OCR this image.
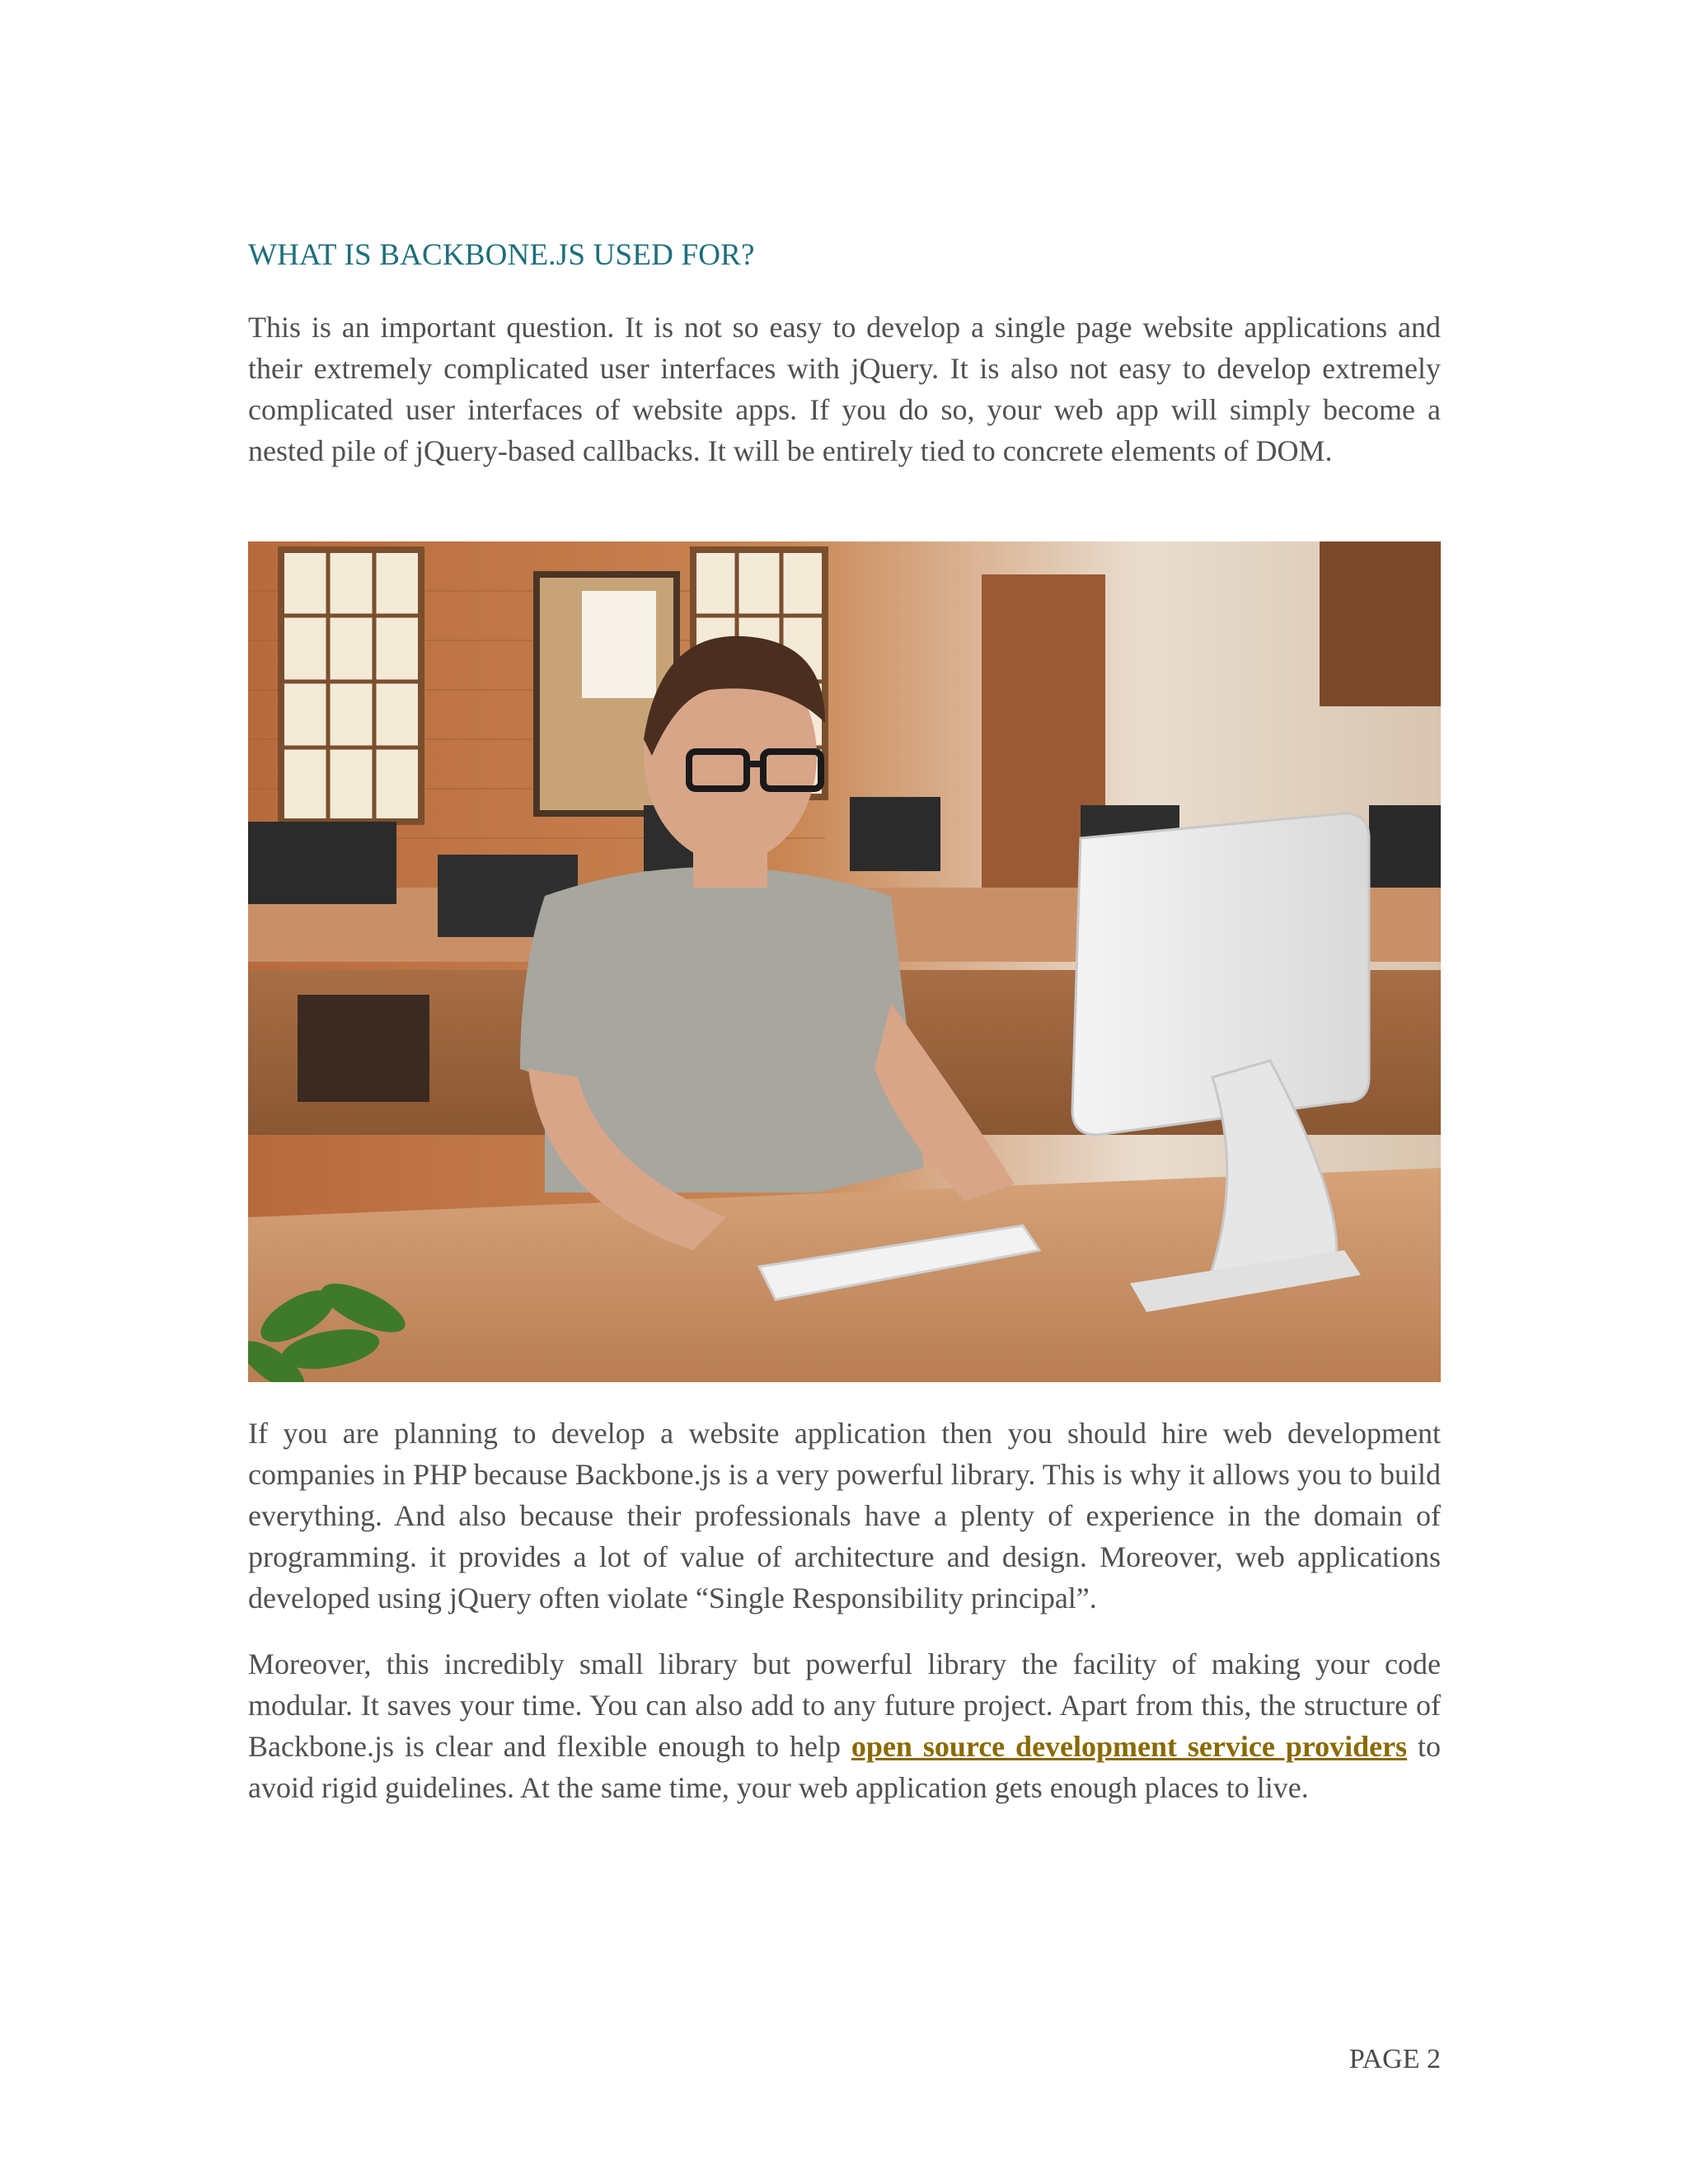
WHAT IS BACKBONE.JS USED FOR?

This is an important question. It is not so easy to develop a single page website applications and their extremely complicated user interfaces with jQuery. It is also not easy to develop extremely complicated user interfaces of website apps. If you do so, your web app will simply become a nested pile of jQuery-based callbacks. It will be entirely tied to concrete elements of DOM.

If you are planning to develop a website application then you should hire web development companies in PHP because Backbone.js is a very powerful library. This is why it allows you to build everything. And also because their professionals have a plenty of experience in the domain of programming. it provides a lot of value of architecture and design. Moreover, web applications developed using jQuery often violate “Single Responsibility principal”.

Moreover, this incredibly small library but powerful library the facility of making your code modular. It saves your time. You can also add to any future project. Apart from this, the structure of Backbone.js is clear and flexible enough to help open source development service providers to avoid rigid guidelines. At the same time, your web application gets enough places to live.

PAGE 2
